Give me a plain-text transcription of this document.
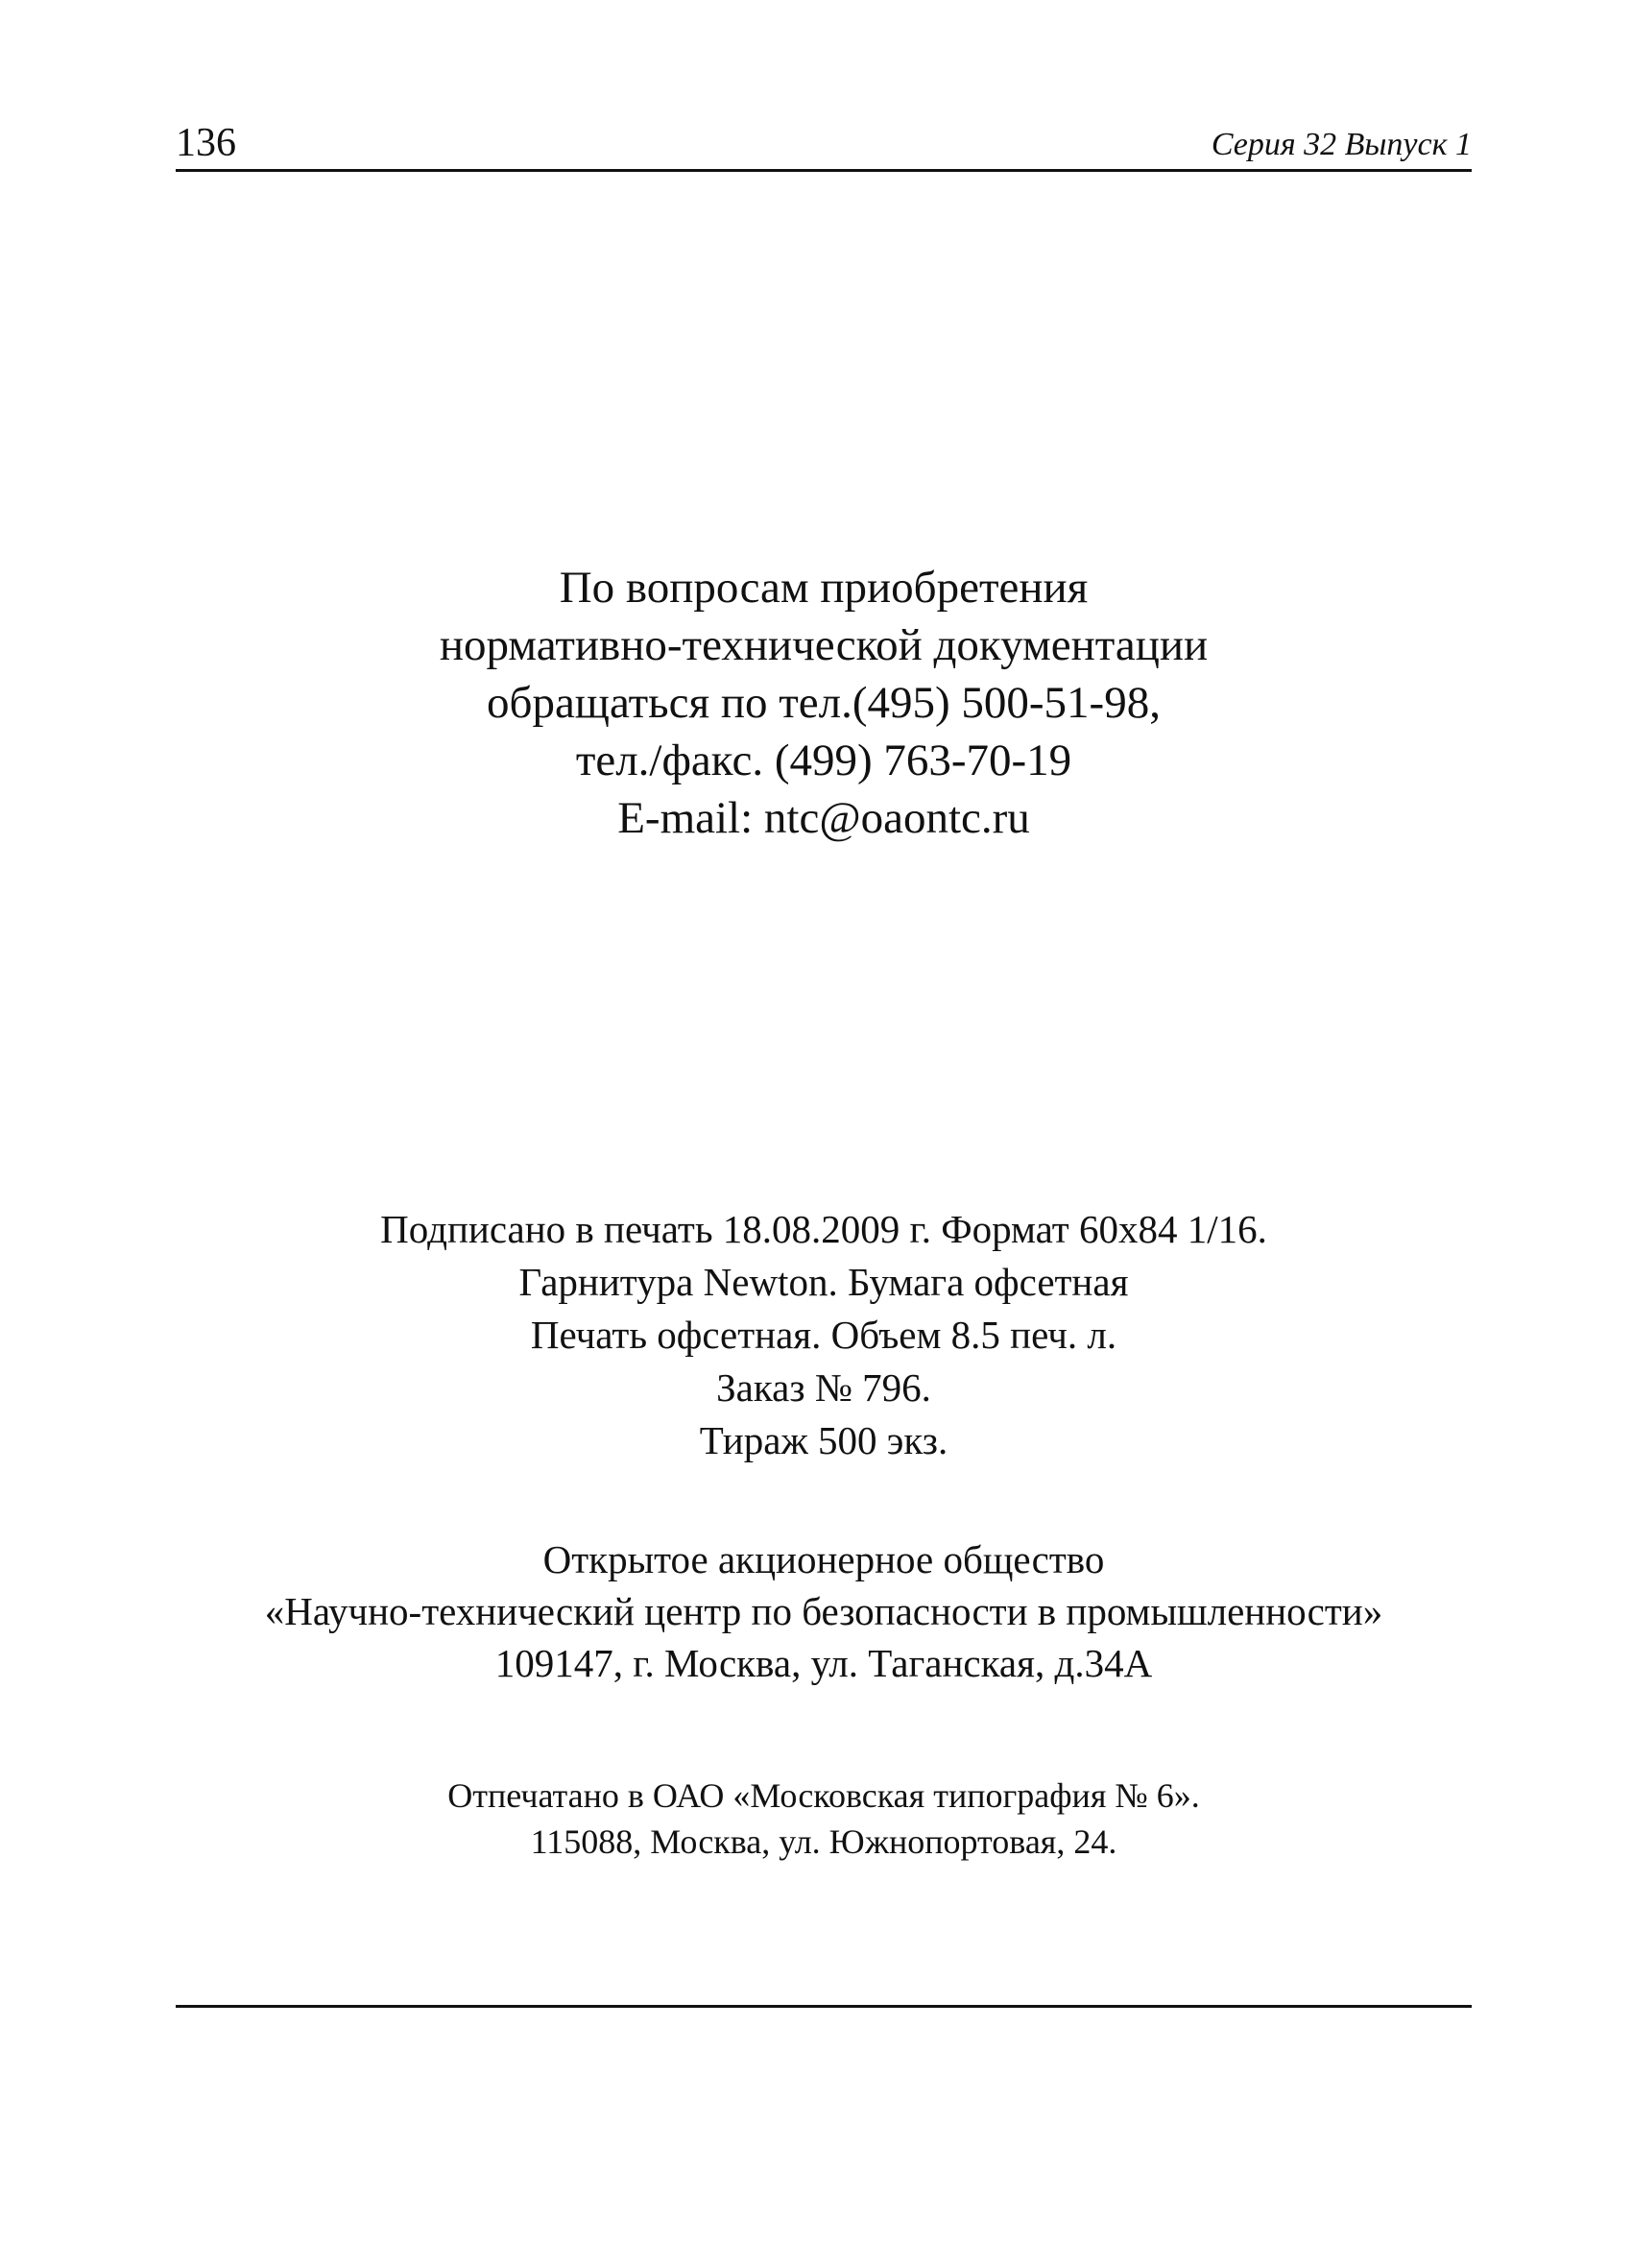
136	Серия 32 Выпуск 1
По вопросам приобретения
нормативно-технической документации
обращаться по тел.(495) 500-51-98,
тел./факс. (499) 763-70-19
E-mail: ntc@oaontc.ru
Подписано в печать 18.08.2009 г. Формат 60х84 1/16.
Гарнитура Newton. Бумага офсетная
Печать офсетная. Объем 8.5 печ. л.
Заказ № 796.
Тираж 500 экз.
Открытое акционерное общество
«Научно-технический центр по безопасности в промышленности»
109147, г. Москва, ул. Таганская, д.34А
Отпечатано в ОАО «Московская типография № 6».
115088, Москва, ул. Южнопортовая, 24.
